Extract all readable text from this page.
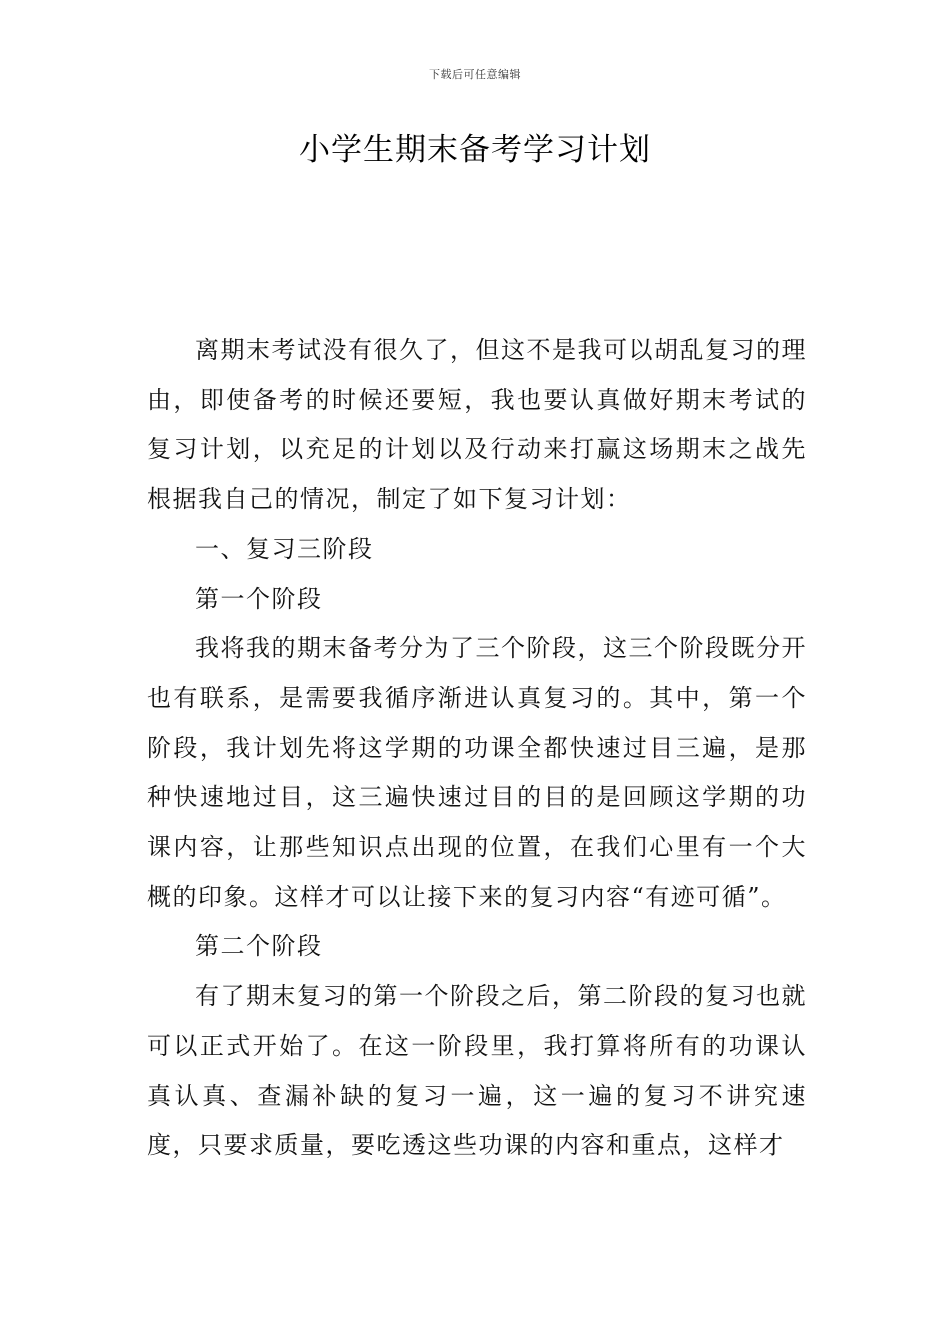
下载后可任意编辑
小学生期末备考学习计划

离期末考试没有很久了，但这不是我可以胡乱复习的理由，即使备考的时候还要短，我也要认真做好期末考试的复习计划，以充足的计划以及行动来打赢这场期末之战先根据我自己的情况，制定了如下复习计划：

一、复习三阶段

第一个阶段

我将我的期末备考分为了三个阶段，这三个阶段既分开也有联系，是需要我循序渐进认真复习的。其中，第一个阶段，我计划先将这学期的功课全都快速过目三遍，是那种快速地过目，这三遍快速过目的目的是回顾这学期的功课内容，让那些知识点出现的位置，在我们心里有一个大概的印象。这样才可以让接下来的复习内容“有迹可循”。

第二个阶段

有了期末复习的第一个阶段之后，第二阶段的复习也就可以正式开始了。在这一阶段里，我打算将所有的功课认真认真、查漏补缺的复习一遍，这一遍的复习不讲究速度，只要求质量，要吃透这些功课的内容和重点，这样才
